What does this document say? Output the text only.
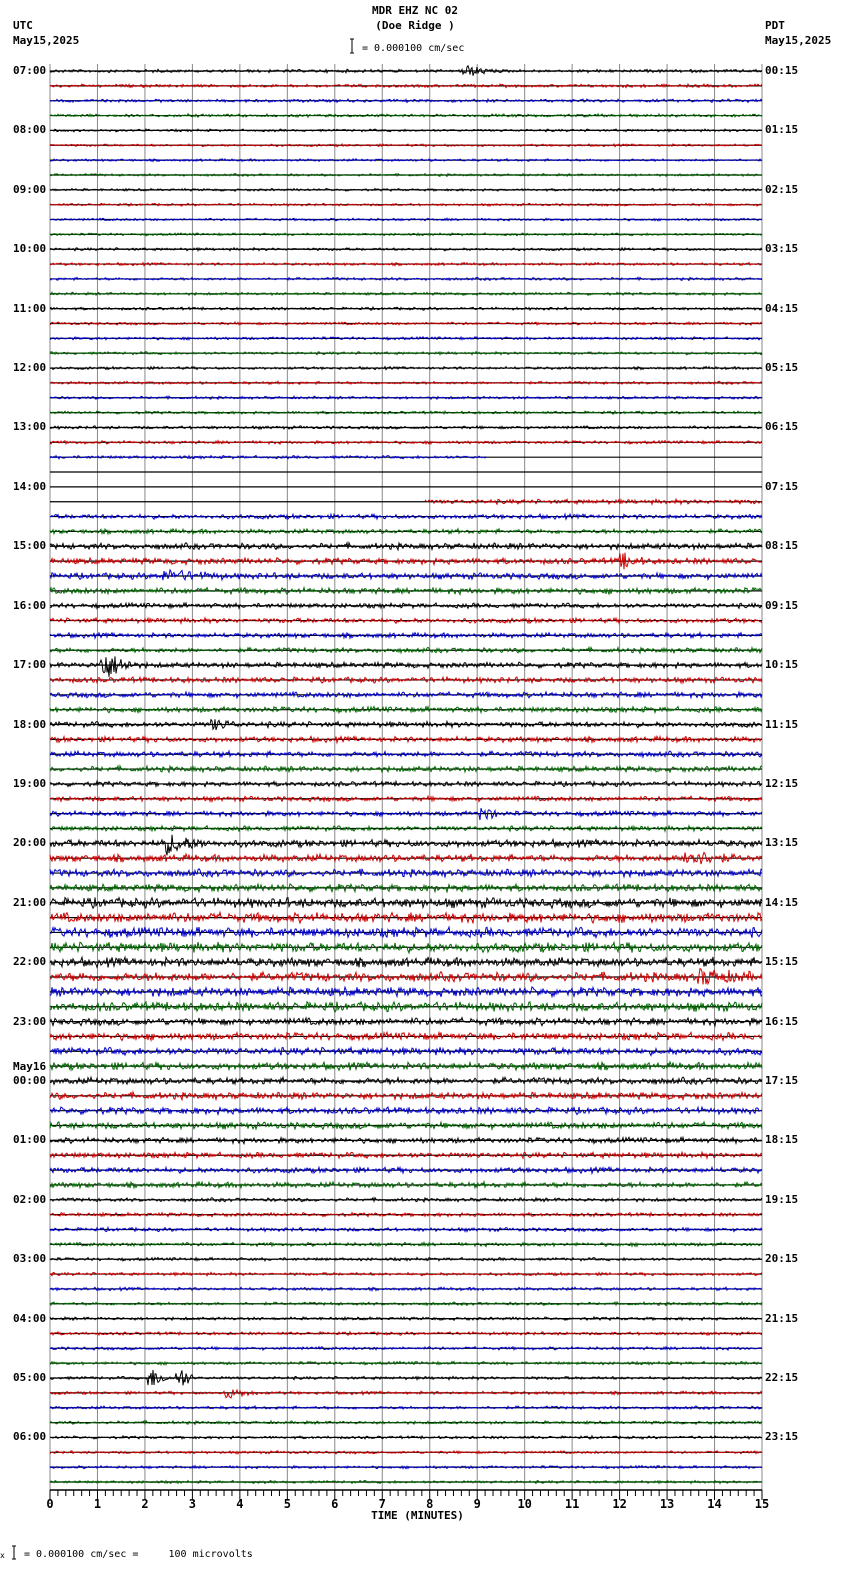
MDR EHZ NC 02
(Doe Ridge )
UTC
May15,2025
PDT
May15,2025
= 0.000100 cm/sec
0	1	2	3	4	5	6	7	8	9	10	11	12	13	14	15
07:00	00:15
08:00	01:15
09:00	02:15
10:00	03:15
11:00	04:15
12:00	05:15
13:00	06:15
14:00	07:15
15:00	08:15
16:00	09:15
17:00	10:15
18:00	11:15
19:00	12:15
20:00	13:15
21:00	14:15
22:00	15:15
23:00	16:15
00:00	17:15
01:00	18:15
02:00	19:15
03:00	20:15
04:00	21:15
05:00	22:15
06:00	23:15
May16
TIME (MINUTES)
x = 0.000100 cm/sec =     100 microvolts
